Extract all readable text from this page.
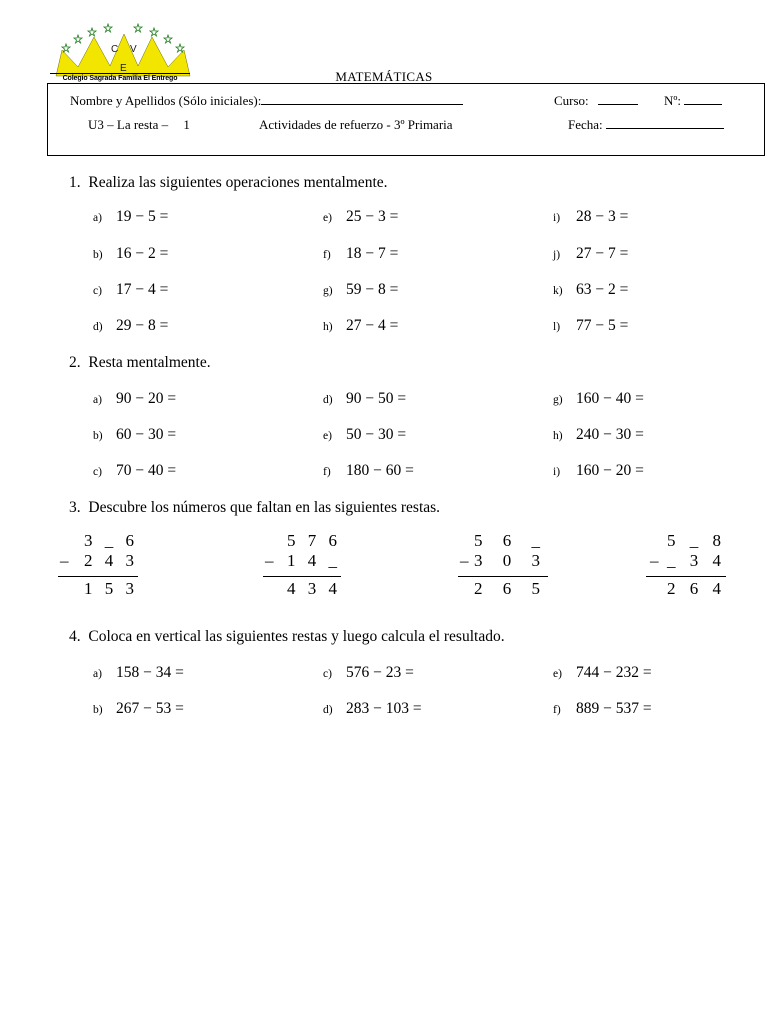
C V
E
Colegio Sagrada Familia El Entrego	MATEMÁTICAS
Nombre y Apellidos (Sólo iniciales):	Curso:	Nº:
U3 – La resta – 1	Actividades de refuerzo - 3º Primaria	Fecha:
1. Realiza las siguientes operaciones mentalmente.
a) 19 − 5 =
b) 16 − 2 =
c) 17 − 4 =
d) 29 − 8 =
e) 25 − 3 =
f) 18 − 7 =
g) 59 − 8 =
h) 27 − 4 =
i) 28 − 3 =
j) 27 − 7 =
k) 63 − 2 =
l) 77 − 5 =
2. Resta mentalmente.
a) 90 − 20 =
b) 60 − 30 =
c) 70 − 40 =
d) 90 − 50 =
e) 50 − 30 =
f) 180 − 60 =
g) 160 − 40 =
h) 240 − 30 =
i) 160 − 20 =
3. Descubre los números que faltan en las siguientes restas.
3 _ 6
– 2 4 3
1 5 3
5 7 6
– 1 4 _
4 3 4
5 6 _
– 3 0 3
2 6 5
5 _ 8
– _ 3 4
2 6 4
4. Coloca en vertical las siguientes restas y luego calcula el resultado.
a) 158 − 34 =
b) 267 − 53 =
c) 576 − 23 =
d) 283 − 103 =
e) 744 − 232 =
f) 889 − 537 =
